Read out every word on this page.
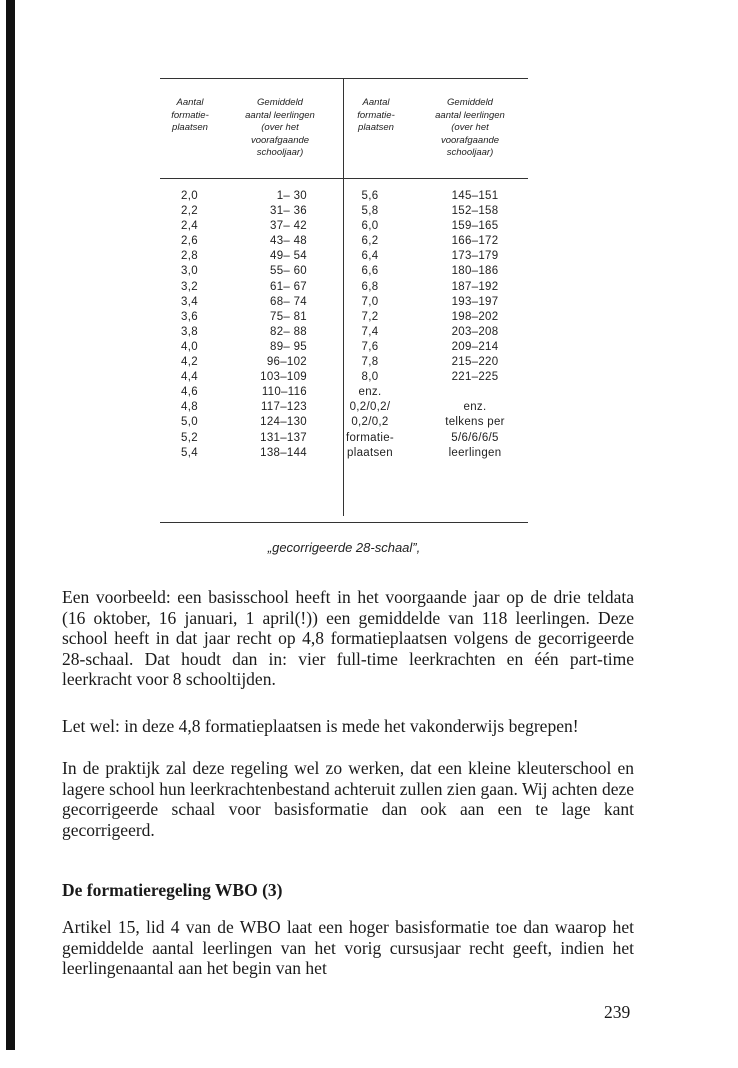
Aantal
formatie-
plaatsen
Gemiddeld
aantal leerlingen
(over het
voorafgaande
schooljaar)
Aantal
formatie-
plaatsen
Gemiddeld
aantal leerlingen
(over het
voorafgaande
schooljaar)
2,0
2,2
2,4
2,6
2,8
3,0
3,2
3,4
3,6
3,8
4,0
4,2
4,4
4,6
4,8
5,0
5,2
5,4
1– 30
31– 36
37– 42
43– 48
49– 54
55– 60
61– 67
68– 74
75– 81
82– 88
89– 95
96–102
103–109
110–116
117–123
124–130
131–137
138–144
5,6
5,8
6,0
6,2
6,4
6,6
6,8
7,0
7,2
7,4
7,6
7,8
8,0
enz.
0,2/0,2/
0,2/0,2
formatie-
plaatsen
145–151
152–158
159–165
166–172
173–179
180–186
187–192
193–197
198–202
203–208
209–214
215–220
221–225

enz.
telkens per
5/6/6/6/5
leerlingen
„gecorrigeerde 28-schaal”,

Een voorbeeld: een basisschool heeft in het voorgaande jaar op de drie teldata (16 oktober, 16 januari, 1 april(!)) een gemiddelde van 118 leerlingen. Deze school heeft in dat jaar recht op 4,8 formatieplaatsen volgens de gecorrigeerde 28-schaal. Dat houdt dan in: vier full-time leerkrachten en één part-time leerkracht voor 8 schooltijden.

Let wel: in deze 4,8 formatieplaatsen is mede het vakonderwijs begrepen!

In de praktijk zal deze regeling wel zo werken, dat een kleine kleuterschool en lagere school hun leerkrachtenbestand achteruit zullen zien gaan. Wij achten deze gecorrigeerde schaal voor basisformatie dan ook aan een te lage kant gecorrigeerd.

De formatieregeling WBO (3)

Artikel 15, lid 4 van de WBO laat een hoger basisformatie toe dan waarop het gemiddelde aantal leerlingen van het vorig cursusjaar recht geeft, indien het leerlingenaantal aan het begin van het

239
